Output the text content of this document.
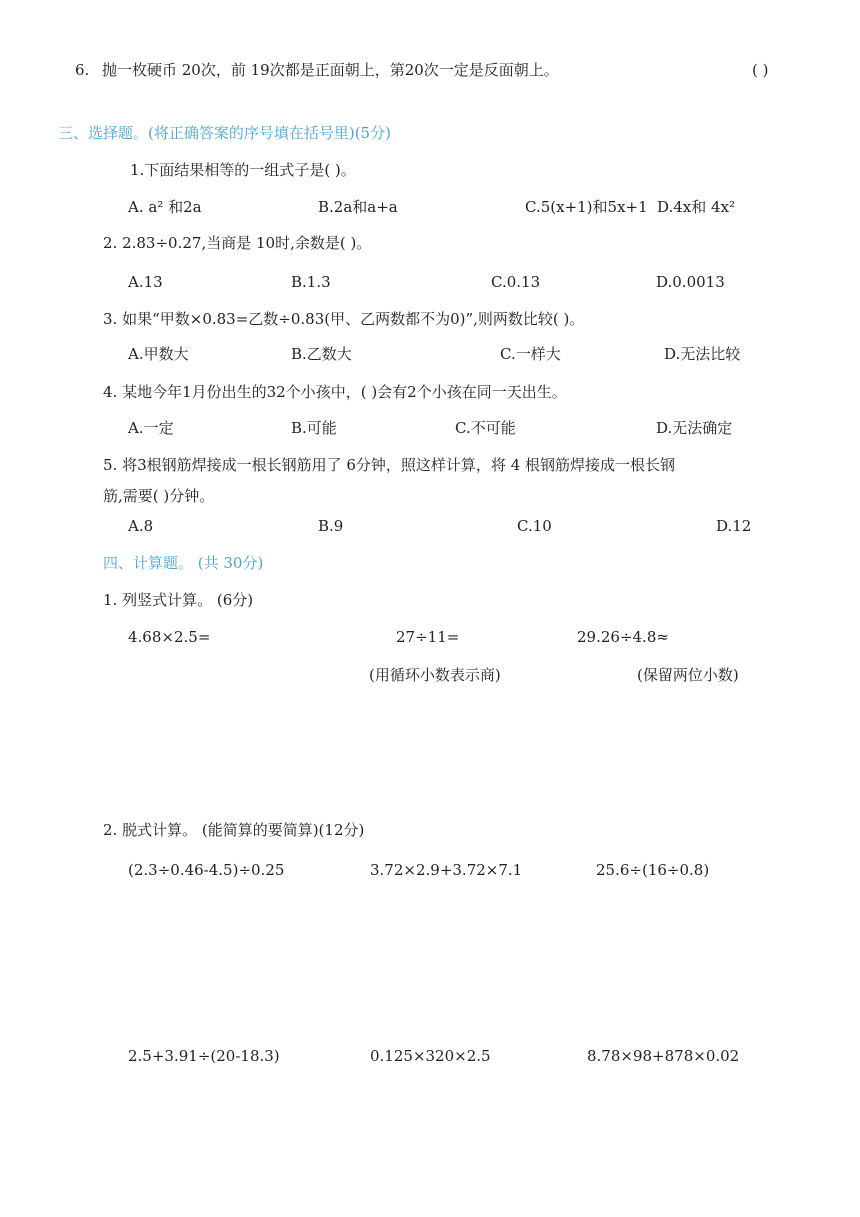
6. 抛一枚硬币 20次，前 19次都是正面朝上，第20次一定是反面朝上。	( )
三、选择题。(将正确答案的序号填在括号里)(5分)
1.下面结果相等的一组式子是( )。
A. a² 和2a	B.2a和a+a	C.5(x+1)和5x+1 D.4x和 4x²
2. 2.83÷0.27,当商是 10时,余数是( )。
A.13	B.1.3	C.0.13	D.0.0013
3. 如果“甲数×0.83=乙数÷0.83(甲、乙两数都不为0)”,则两数比较( )。
A.甲数大	B.乙数大	C.一样大	D.无法比较
4. 某地今年1月份出生的32个小孩中，( )会有2个小孩在同一天出生。
A.一定	B.可能	C.不可能	D.无法确定
5. 将3根钢筋焊接成一根长钢筋用了 6分钟，照这样计算，将 4 根钢筋焊接成一根长钢
筋,需要( )分钟。
A.8	B.9	C.10	D.12
四、计算题。 (共 30分)
1. 列竖式计算。 (6分)
4.68×2.5=	27÷11=	29.26÷4.8≈
(用循环小数表示商)	(保留两位小数)
2. 脱式计算。 (能简算的要简算)(12分)
(2.3÷0.46-4.5)÷0.25	3.72×2.9+3.72×7.1	25.6÷(16÷0.8)
2.5+3.91÷(20-18.3)	0.125×320×2.5	8.78×98+878×0.02
